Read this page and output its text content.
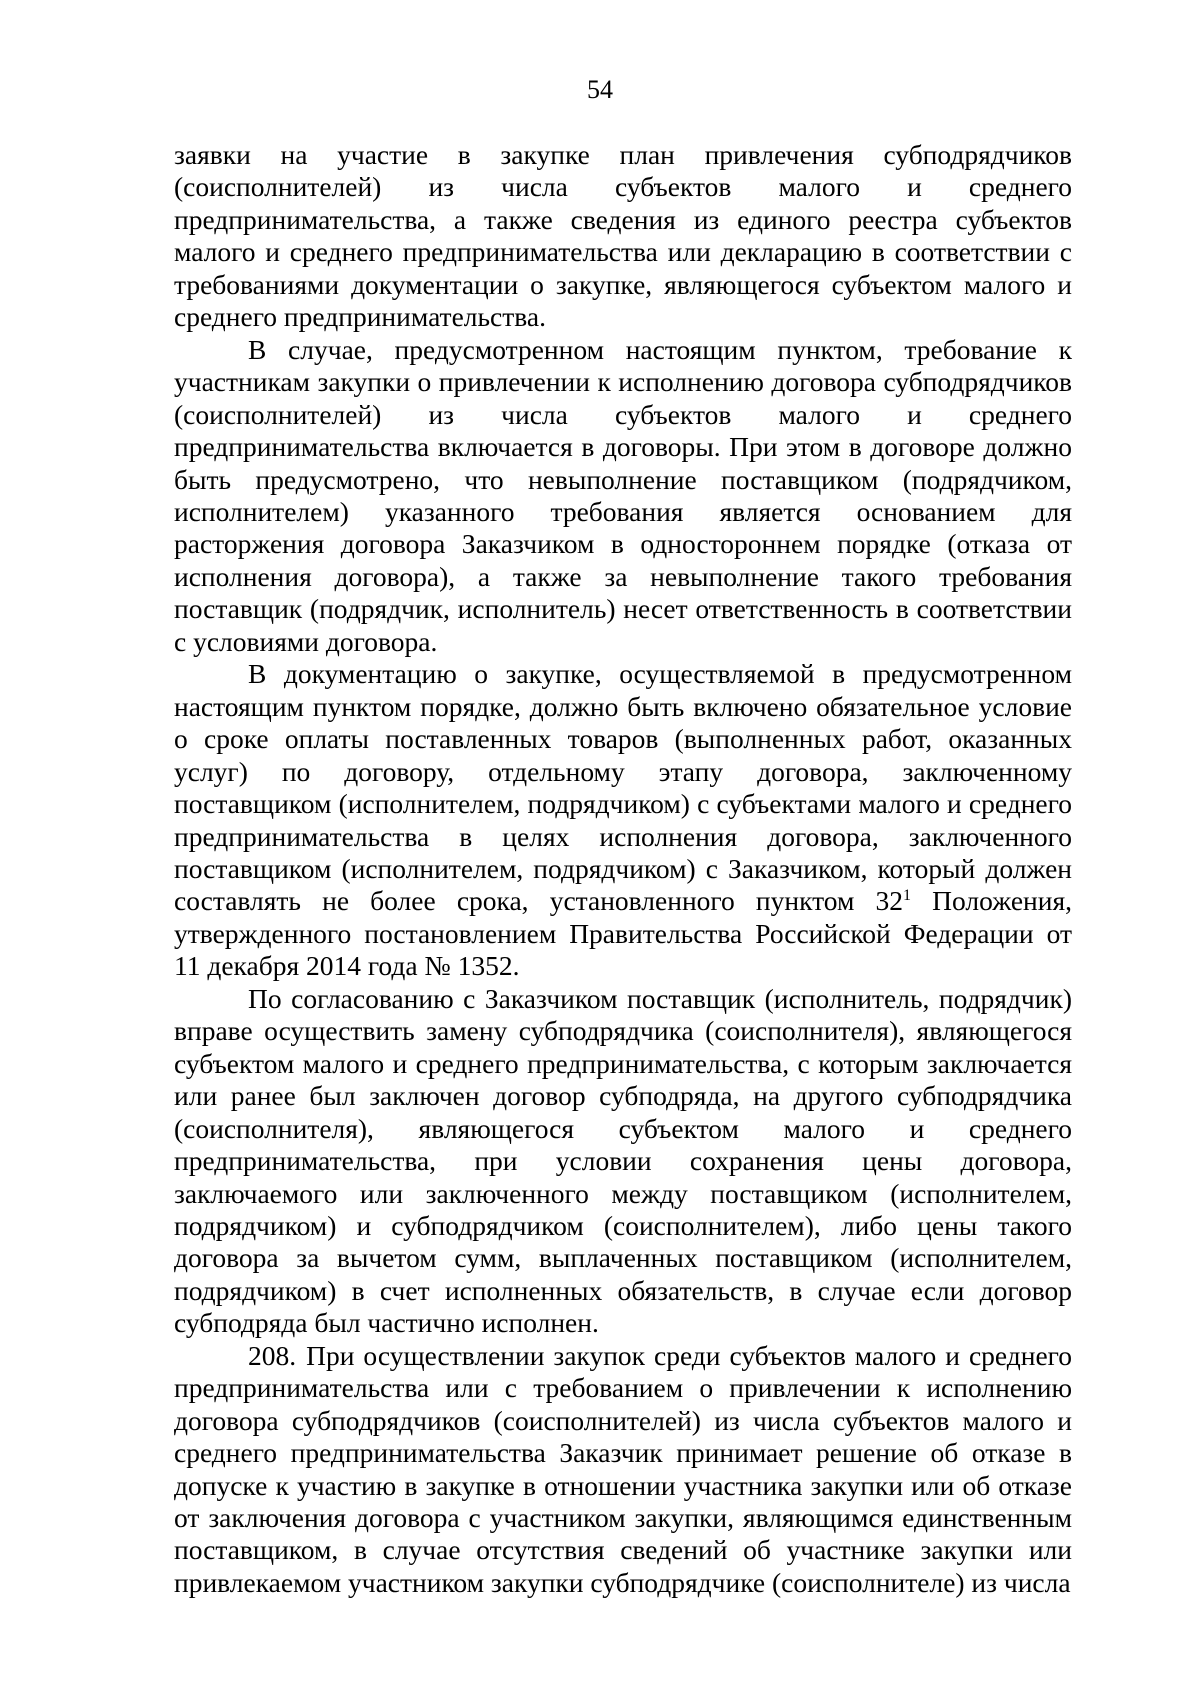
54

заявки на участие в закупке план привлечения субподрядчиков (соисполнителей) из числа субъектов малого и среднего предпринимательства, а также сведения из единого реестра субъектов малого и среднего предпринимательства или декларацию в соответствии с требованиями документации о закупке, являющегося субъектом малого и среднего предпринимательства.

В случае, предусмотренном настоящим пунктом, требование к участникам закупки о привлечении к исполнению договора субподрядчиков (соисполнителей) из числа субъектов малого и среднего предпринимательства включается в договоры. При этом в договоре должно быть предусмотрено, что невыполнение поставщиком (подрядчиком, исполнителем) указанного требования является основанием для расторжения договора Заказчиком в одностороннем порядке (отказа от исполнения договора), а также за невыполнение такого требования поставщик (подрядчик, исполнитель) несет ответственность в соответствии с условиями договора.

В документацию о закупке, осуществляемой в предусмотренном настоящим пунктом порядке, должно быть включено обязательное условие о сроке оплаты поставленных товаров (выполненных работ, оказанных услуг) по договору, отдельному этапу договора, заключенному поставщиком (исполнителем, подрядчиком) с субъектами малого и среднего предпринимательства в целях исполнения договора, заключенного поставщиком (исполнителем, подрядчиком) с Заказчиком, который должен составлять не более срока, установленного пунктом $32^1$ Положения, утвержденного постановлением Правительства Российской Федерации от 11 декабря 2014 года № 1352.

По согласованию с Заказчиком поставщик (исполнитель, подрядчик) вправе осуществить замену субподрядчика (соисполнителя), являющегося субъектом малого и среднего предпринимательства, с которым заключается или ранее был заключен договор субподряда, на другого субподрядчика (соисполнителя), являющегося субъектом малого и среднего предпринимательства, при условии сохранения цены договора, заключаемого или заключенного между поставщиком (исполнителем, подрядчиком) и субподрядчиком (соисполнителем), либо цены такого договора за вычетом сумм, выплаченных поставщиком (исполнителем, подрядчиком) в счет исполненных обязательств, в случае если договор субподряда был частично исполнен.

208. При осуществлении закупок среди субъектов малого и среднего предпринимательства или с требованием о привлечении к исполнению договора субподрядчиков (соисполнителей) из числа субъектов малого и среднего предпринимательства Заказчик принимает решение об отказе в допуске к участию в закупке в отношении участника закупки или об отказе от заключения договора с участником закупки, являющимся единственным поставщиком, в случае отсутствия сведений об участнике закупки или привлекаемом участником закупки субподрядчике (соисполнителе) из числа
